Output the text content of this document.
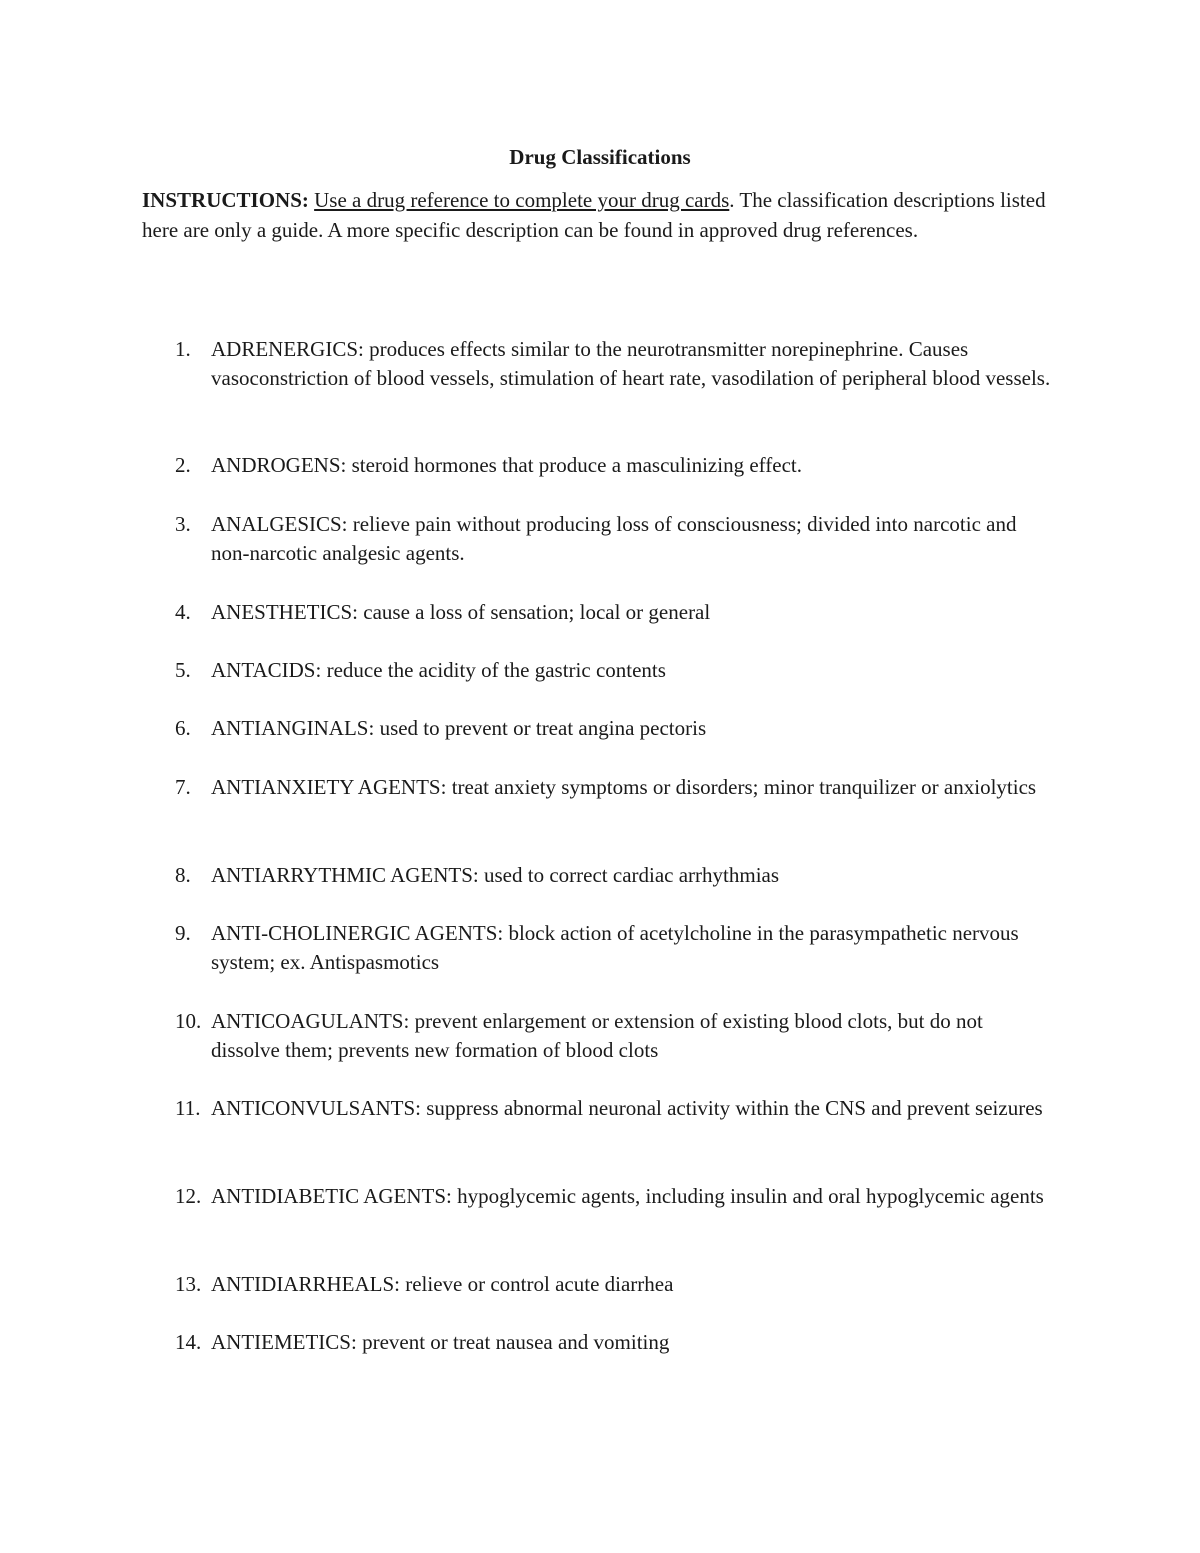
Drug Classifications

INSTRUCTIONS: Use a drug reference to complete your drug cards. The classification descriptions listed here are only a guide. A more specific description can be found in approved drug references.

1. ADRENERGICS: produces effects similar to the neurotransmitter norepinephrine. Causes vasoconstriction of blood vessels, stimulation of heart rate, vasodilation of peripheral blood vessels.
2. ANDROGENS: steroid hormones that produce a masculinizing effect.
3. ANALGESICS: relieve pain without producing loss of consciousness; divided into narcotic and non-narcotic analgesic agents.
4. ANESTHETICS: cause a loss of sensation; local or general
5. ANTACIDS: reduce the acidity of the gastric contents
6. ANTIANGINALS: used to prevent or treat angina pectoris
7. ANTIANXIETY AGENTS: treat anxiety symptoms or disorders; minor tranquilizer or anxiolytics
8. ANTIARRYTHMIC AGENTS: used to correct cardiac arrhythmias
9. ANTI-CHOLINERGIC AGENTS: block action of acetylcholine in the parasympathetic nervous system; ex. Antispasmotics
10. ANTICOAGULANTS: prevent enlargement or extension of existing blood clots, but do not dissolve them; prevents new formation of blood clots
11. ANTICONVULSANTS: suppress abnormal neuronal activity within the CNS and prevent seizures
12. ANTIDIABETIC AGENTS: hypoglycemic agents, including insulin and oral hypoglycemic agents
13. ANTIDIARRHEALS: relieve or control acute diarrhea
14. ANTIEMETICS: prevent or treat nausea and vomiting
